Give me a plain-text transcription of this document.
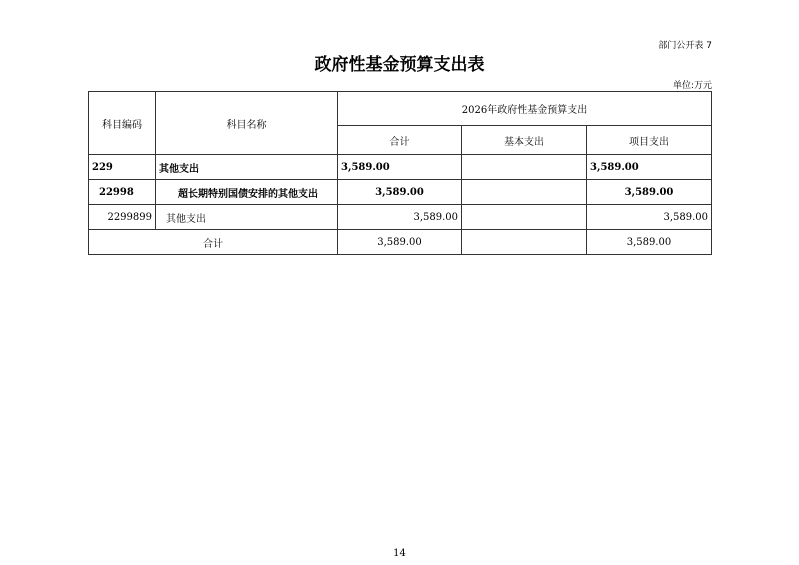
部门公开表 7
政府性基金预算支出表
单位:万元
科目编码	科目名称	2026年政府性基金预算支出		
		合计	基本支出	项目支出
229	其他支出	3,589.00		3,589.00
22998	超长期特别国债安排的其他支出	3,589.00		3,589.00
2299899	其他支出	3,589.00		3,589.00
合计		3,589.00		3,589.00
14
